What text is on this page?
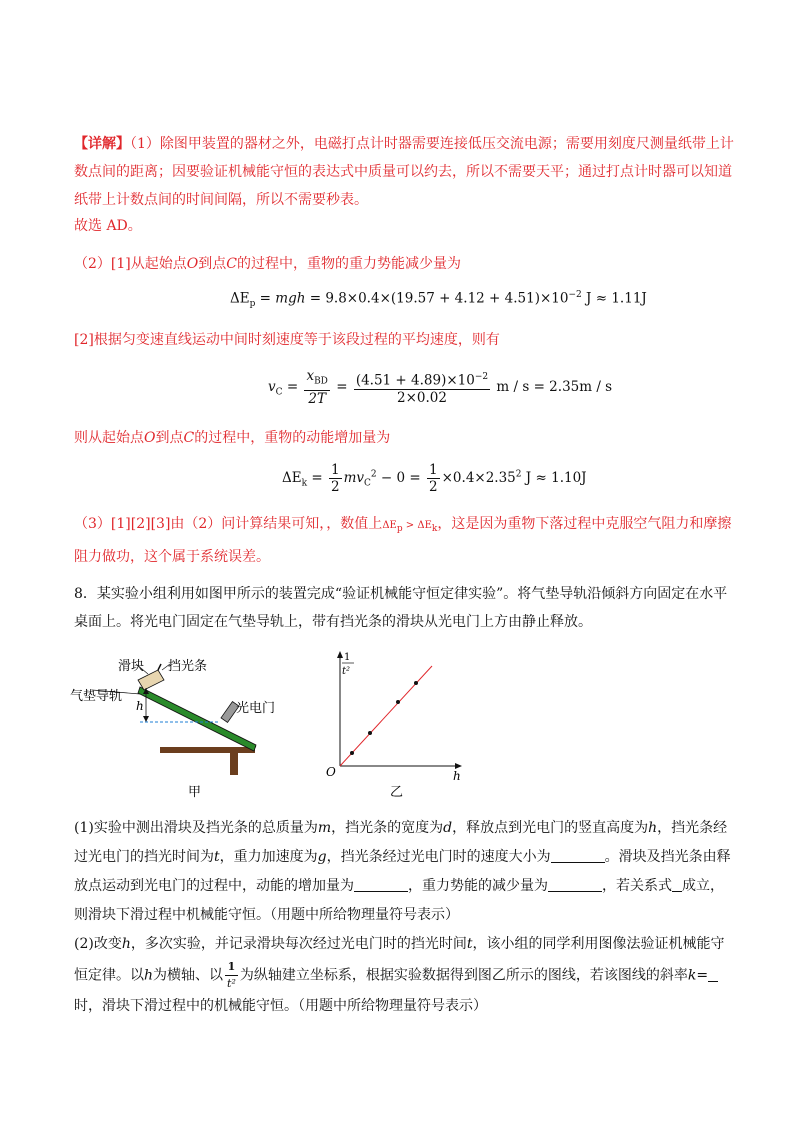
【详解】（1）除图甲装置的器材之外，电磁打点计时器需要连接低压交流电源；需要用刻度尺测量纸带上计数点间的距离；因要验证机械能守恒的表达式中质量可以约去，所以不需要天平；通过打点计时器可以知道纸带上计数点间的时间间隔，所以不需要秒表。
故选 AD。
（2）[1]从起始点O到点C的过程中，重物的重力势能减少量为
$\Delta E_p$ = mgh = $9.8\times 0.4\times(19.57 + 4.12 + 4.51)\times 10^{-2}$ J ≈ 1.11J
[2]根据匀变速直线运动中间时刻速度等于该段过程的平均速度，则有
$v_C = \frac{x_{BD}}{2T} = \frac{(4.51 + 4.89)\times 10^{-2}}{2\times 0.02}$ m / s = 2.35m / s
则从起始点O到点C的过程中，重物的动能增加量为
$\Delta E_k = \frac{1}{2} mv_C^2 - 0 = \frac{1}{2} \times 0.4\times 2.35^2$ J ≈ 1.10J
（3）[1][2][3]由（2）问计算结果可知，，数值上$\Delta E_p > \Delta E_k$，这是因为重物下落过程中克服空气阻力和摩擦阻力做功，这个属于系统误差。
8．某实验小组利用如图甲所示的装置完成“验证机械能守恒定律实验”。将气垫导轨沿倾斜方向固定在水平桌面上。将光电门固定在气垫导轨上，带有挡光条的滑块从光电门上方由静止释放。
滑块 挡光条
气垫导轨
h	光电门
甲
1
t²
O	h
乙
(1)实验中测出滑块及挡光条的总质量为m，挡光条的宽度为d，释放点到光电门的竖直高度为h，挡光条经过光电门的挡光时间为t，重力加速度为g，挡光条经过光电门时的速度大小为	。滑块及挡光条由释放点运动到光电门的过程中，动能的增加量为	，重力势能的减少量为	，若关系式 成立，则滑块下滑过程中机械能守恒。（用题中所给物理量符号表示）
(2)改变h，多次实验，并记录滑块每次经过光电门时的挡光时间t，该小组的同学利用图像法验证机械能守恒定律。以h为横轴、以 $\frac{1}{\text{t²}}$ 为纵轴建立坐标系，根据实验数据得到图乙所示的图线，若该图线的斜率k=时，滑块下滑过程中的机械能守恒。（用题中所给物理量符号表示）
